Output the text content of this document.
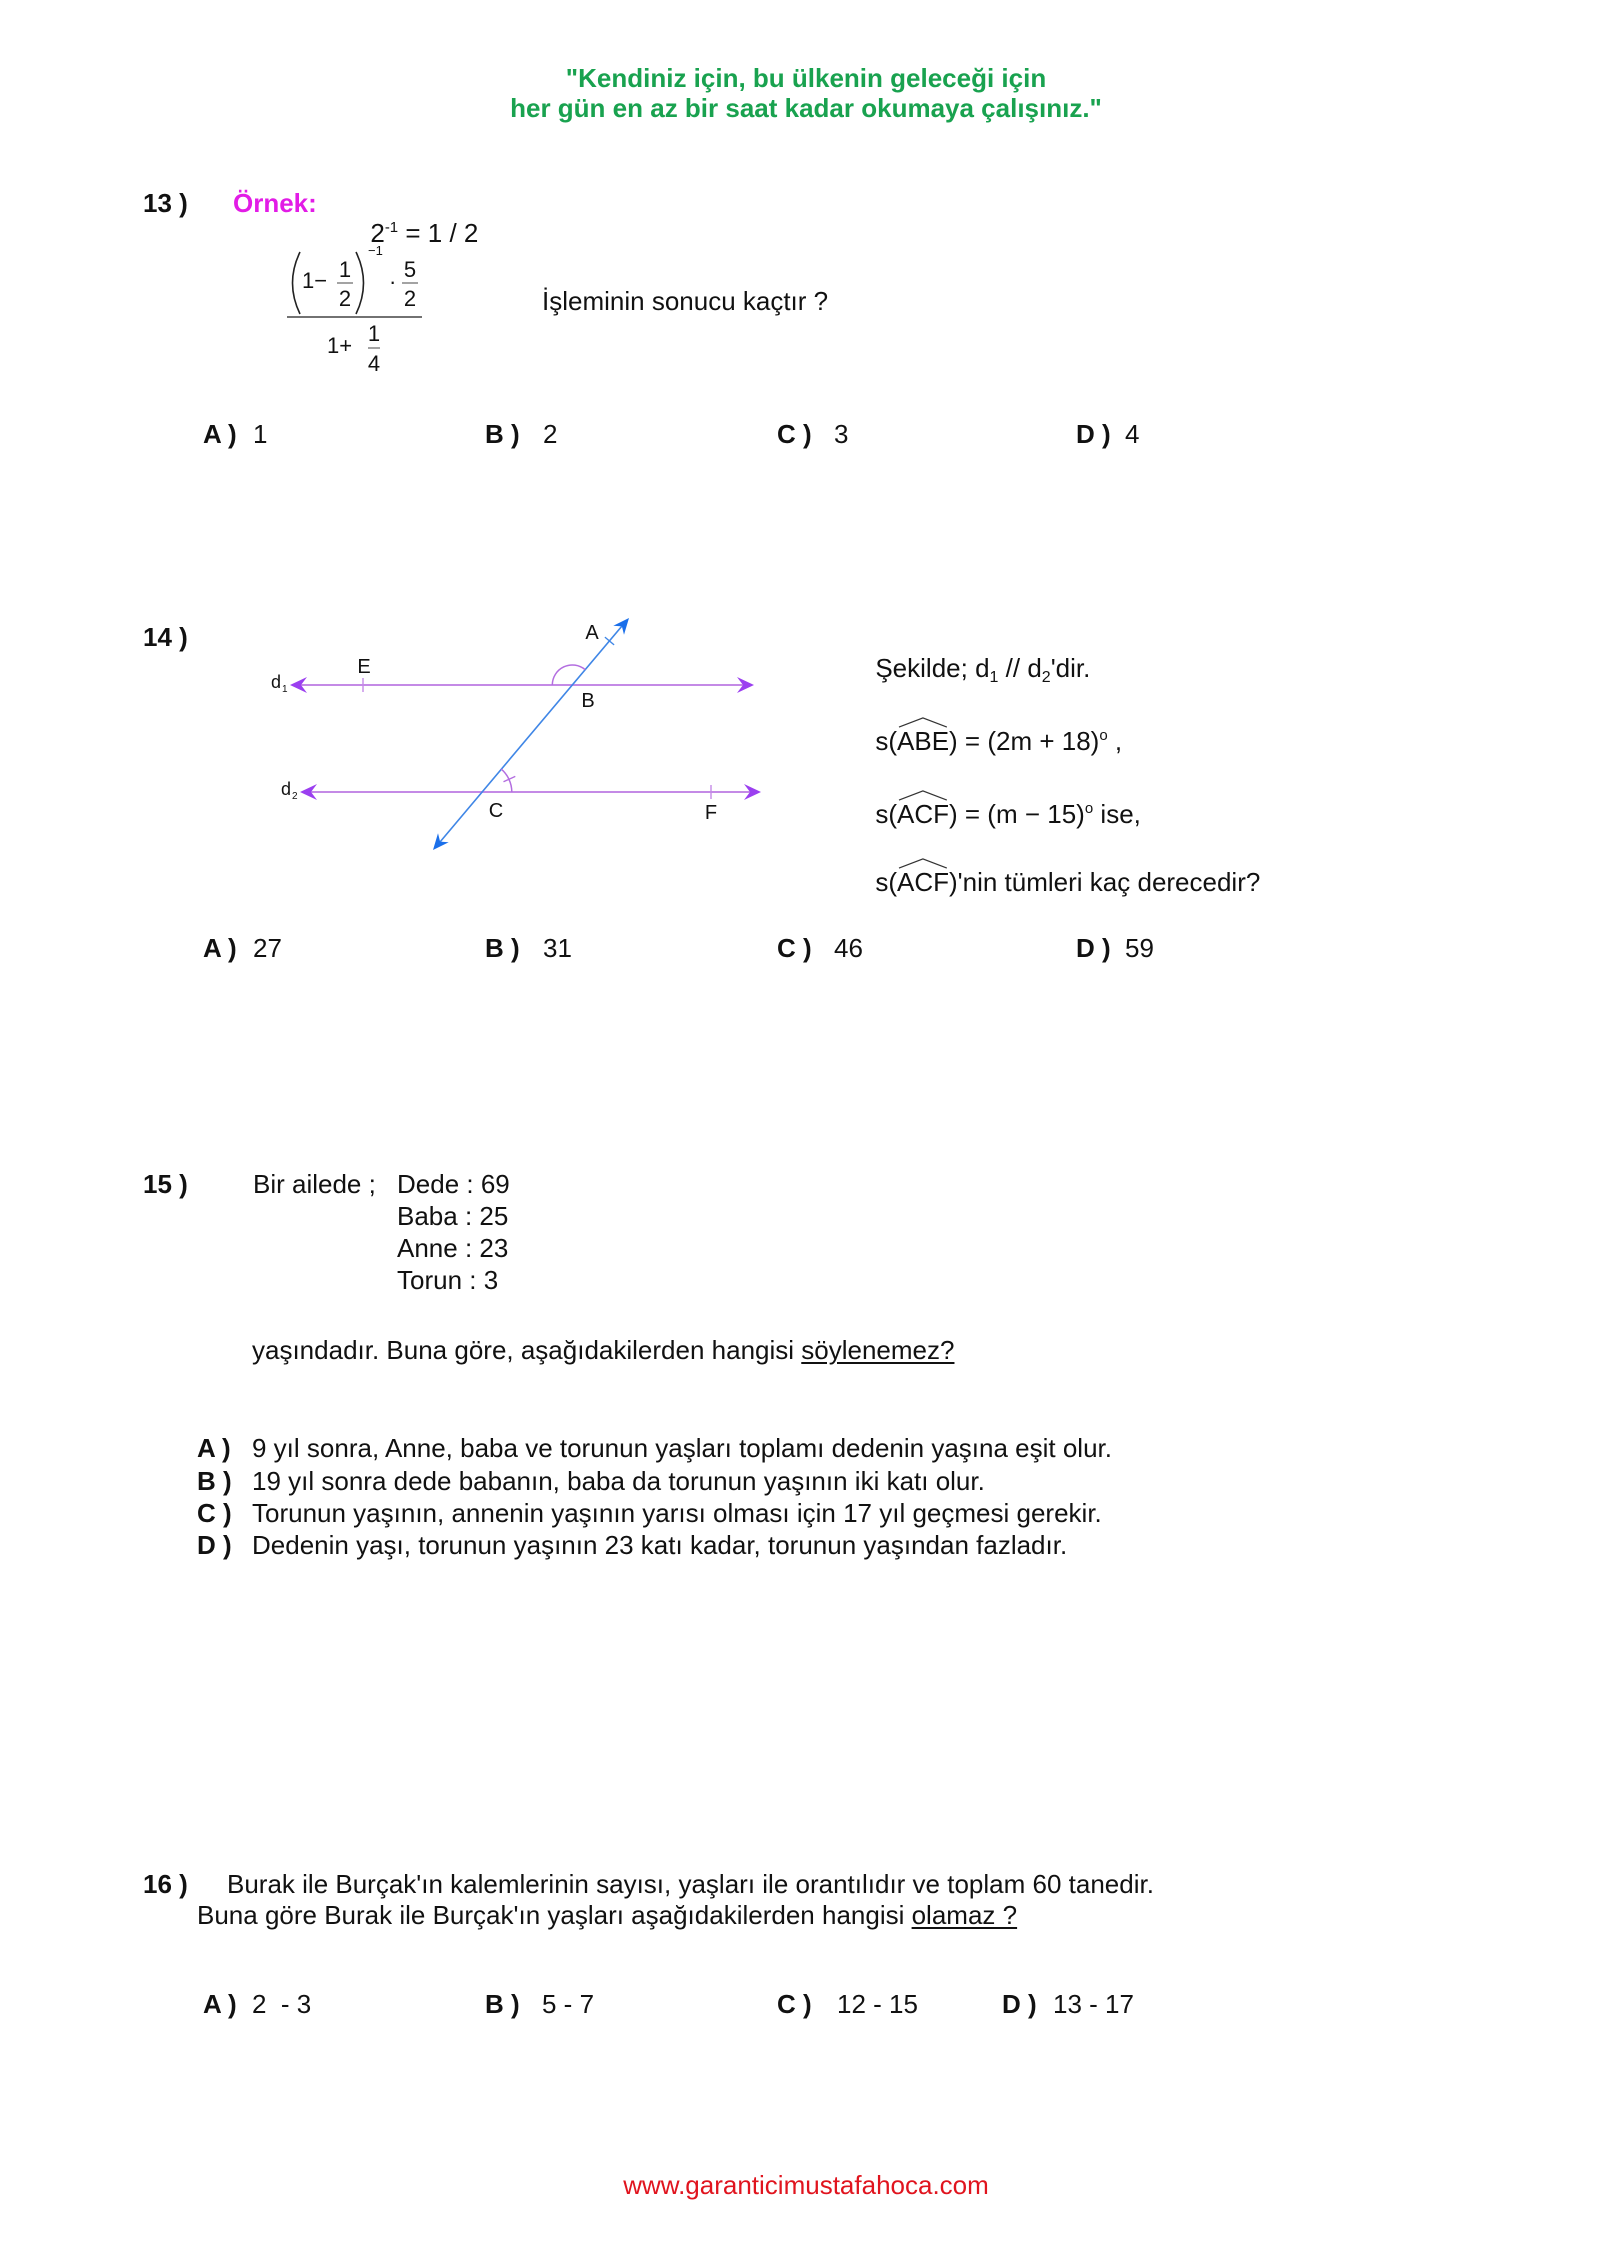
"Kendiniz için, bu ülkenin geleceği için
her gün en az bir saat kadar okumaya çalışınız."
13 ) Örnek:

$2^{-1} = 1 / 2$

1− 1
2
−1
· 5
2
1+ 1
4
İşleminin sonucu kaçtır ?
A ) 1	B ) 2	C ) 3	D ) 4
14 )
$d_1$
$d_2$
A
B
C
E
F

Şekilde; $d_1 // d_2'dir$.

s(
$ABE) = (2m + 18)^o$ ,

s(
$ACF) = (m - 15)^o$ ise,

s(
ACF)'nin tümleri kaç derecedir?

A ) 27	B ) 31	C ) 46	D ) 59
15 )	Bir ailede ; Dede : 69
Baba : 25
Anne : 23
Torun : 3
yaşındadır. Buna göre, aşağıdakilerden hangisi söylenemez?
A ) 9 yıl sonra, Anne, baba ve torunun yaşları toplamı dedenin yaşına eşit olur.
B ) 19 yıl sonra dede babanın, baba da torunun yaşının iki katı olur.
C ) Torunun yaşının, annenin yaşının yarısı olması için 17 yıl geçmesi gerekir.
D ) Dedenin yaşı, torunun yaşının 23 katı kadar, torunun yaşından fazladır.
16 ) Burak ile Burçak'ın kalemlerinin sayısı, yaşları ile orantılıdır ve toplam 60 tanedir.
Buna göre Burak ile Burçak'ın yaşları aşağıdakilerden hangisi olamaz ?
A ) 2  - 3	B ) 5 - 7	C ) 12 - 15	D ) 13 - 17
www.garanticimustafahoca.com
